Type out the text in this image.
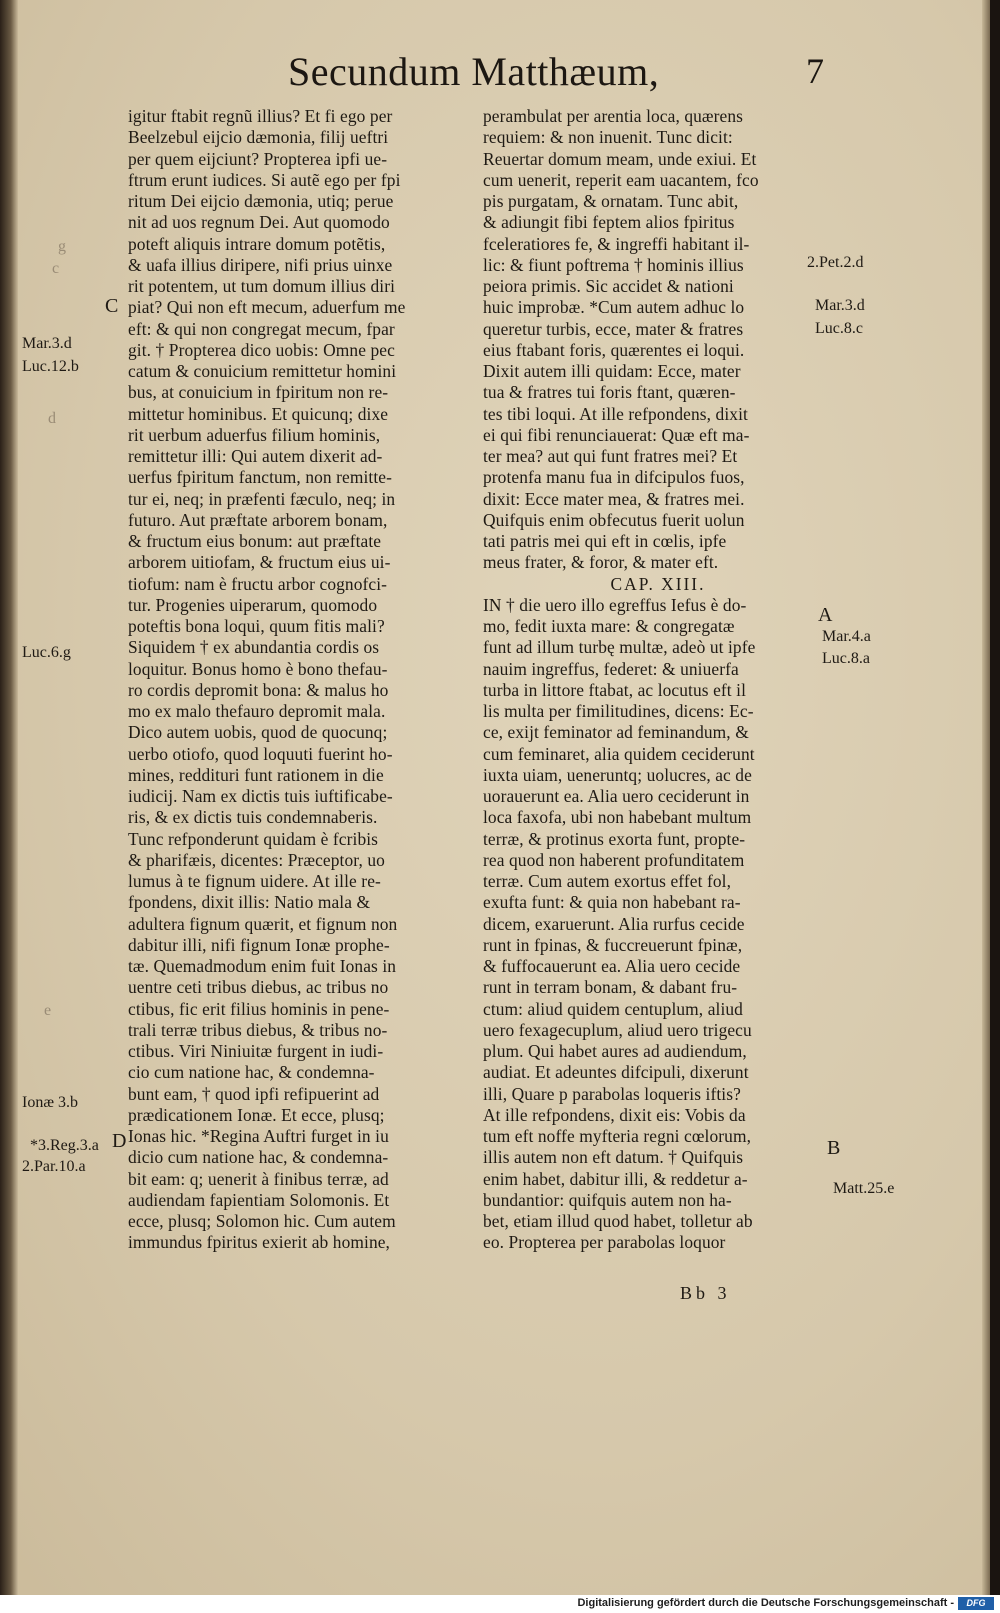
Secundum Matthæum,	7
igitur ftabit regnũ illius? Et fi ego per
Beelzebul eijcio dæmonia, filij ueftri
per quem eijciunt? Propterea ipfi ue-
ftrum erunt iudices. Si autẽ ego per fpi
ritum Dei eijcio dæmonia, utiq; perue
nit ad uos regnum Dei. Aut quomodo
poteft aliquis intrare domum potẽtis,
& uafa illius diripere, nifi prius uinxe
rit potentem, ut tum domum illius diri
piat? Qui non eft mecum, aduerfum me
eft: & qui non congregat mecum, fpar
git. † Propterea dico uobis: Omne pec
catum & conuicium remittetur homini
bus, at conuicium in fpiritum non re-
mittetur hominibus. Et quicunq; dixe
rit uerbum aduerfus filium hominis,
remittetur illi: Qui autem dixerit ad-
uerfus fpiritum fanctum, non remitte-
tur ei, neq; in præfenti fæculo, neq; in
futuro. Aut præftate arborem bonam,
& fructum eius bonum: aut præftate
arborem uitiofam, & fructum eius ui-
tiofum: nam è fructu arbor cognofci-
tur. Progenies uiperarum, quomodo
poteftis bona loqui, quum fitis mali?
Siquidem † ex abundantia cordis os
loquitur. Bonus homo è bono thefau-
ro cordis depromit bona: & malus ho
mo ex malo thefauro depromit mala.
Dico autem uobis, quod de quocunq;
uerbo otiofo, quod loquuti fuerint ho-
mines, reddituri funt rationem in die
iudicij. Nam ex dictis tuis iuftificabe-
ris, & ex dictis tuis condemnaberis.
Tunc refponderunt quidam è fcribis
& pharifæis, dicentes: Præceptor, uo
lumus à te fignum uidere. At ille re-
fpondens, dixit illis: Natio mala &
adultera fignum quærit, et fignum non
dabitur illi, nifi fignum Ionæ prophe-
tæ. Quemadmodum enim fuit Ionas in
uentre ceti tribus diebus, ac tribus no
ctibus, fic erit filius hominis in pene-
trali terræ tribus diebus, & tribus no-
ctibus. Viri Niniuitæ furgent in iudi-
cio cum natione hac, & condemna-
bunt eam, † quod ipfi refipuerint ad
prædicationem Ionæ. Et ecce, plusq;
Ionas hic. *Regina Auftri furget in iu
dicio cum natione hac, & condemna-
bit eam: q; uenerit à finibus terræ, ad
audiendam fapientiam Solomonis. Et
ecce, plusq; Solomon hic. Cum autem
immundus fpiritus exierit ab homine,
perambulat per arentia loca, quærens
requiem: & non inuenit. Tunc dicit:
Reuertar domum meam, unde exiui. Et
cum uenerit, reperit eam uacantem, fco
pis purgatam, & ornatam. Tunc abit,
& adiungit fibi feptem alios fpiritus
fceleratiores fe, & ingreffi habitant il-
lic: & fiunt poftrema † hominis illius
peiora primis. Sic accidet & nationi
huic improbæ. *Cum autem adhuc lo
queretur turbis, ecce, mater & fratres
eius ftabant foris, quærentes ei loqui.
Dixit autem illi quidam: Ecce, mater
tua & fratres tui foris ftant, quæren-
tes tibi loqui. At ille refpondens, dixit
ei qui fibi renunciauerat: Quæ eft ma-
ter mea? aut qui funt fratres mei? Et
protenfa manu fua in difcipulos fuos,
dixit: Ecce mater mea, & fratres mei.
Quifquis enim obfecutus fuerit uolun
tati patris mei qui eft in cœlis, ipfe
meus frater, & foror, & mater eft.
CAP. XIII.
IN † die uero illo egreffus Iefus è do-
mo, fedit iuxta mare: & congregatæ
funt ad illum turbę multæ, adeò ut ipfe
nauim ingreffus, federet: & uniuerfa
turba in littore ftabat, ac locutus eft il
lis multa per fimilitudines, dicens: Ec-
ce, exijt feminator ad feminandum, &
cum feminaret, alia quidem ceciderunt
iuxta uiam, ueneruntq; uolucres, ac de
uorauerunt ea. Alia uero ceciderunt in
loca faxofa, ubi non habebant multum
terræ, & protinus exorta funt, propte-
rea quod non haberent profunditatem
terræ. Cum autem exortus effet fol,
exufta funt: & quia non habebant ra-
dicem, exaruerunt. Alia rurfus cecide
runt in fpinas, & fuccreuerunt fpinæ,
& fuffocauerunt ea. Alia uero cecide
runt in terram bonam, & dabant fru-
ctum: aliud quidem centuplum, aliud
uero fexagecuplum, aliud uero trigecu
plum. Qui habet aures ad audiendum,
audiat. Et adeuntes difcipuli, dixerunt
illi, Quare p parabolas loqueris iftis?
At ille refpondens, dixit eis: Vobis da
tum eft noffe myfteria regni cœlorum,
illis autem non eft datum. † Quifquis
enim habet, dabitur illi, & reddetur a-
bundantior: quifquis autem non ha-
bet, etiam illud quod habet, tolletur ab
eo. Propterea per parabolas loquor
Mar.3.d
Luc.12.b
Luc.6.g
Ionæ 3.b
*3.Reg.3.a
2.Par.10.a
2.Pet.2.d
Mar.3.d
Luc.8.c
Mar.4.a
Luc.8.a
Matt.25.e
C
D
A
B
g
c
d
e
Bb 3
Digitalisierung gefördert durch die Deutsche Forschungsgemeinschaft -	DFG
